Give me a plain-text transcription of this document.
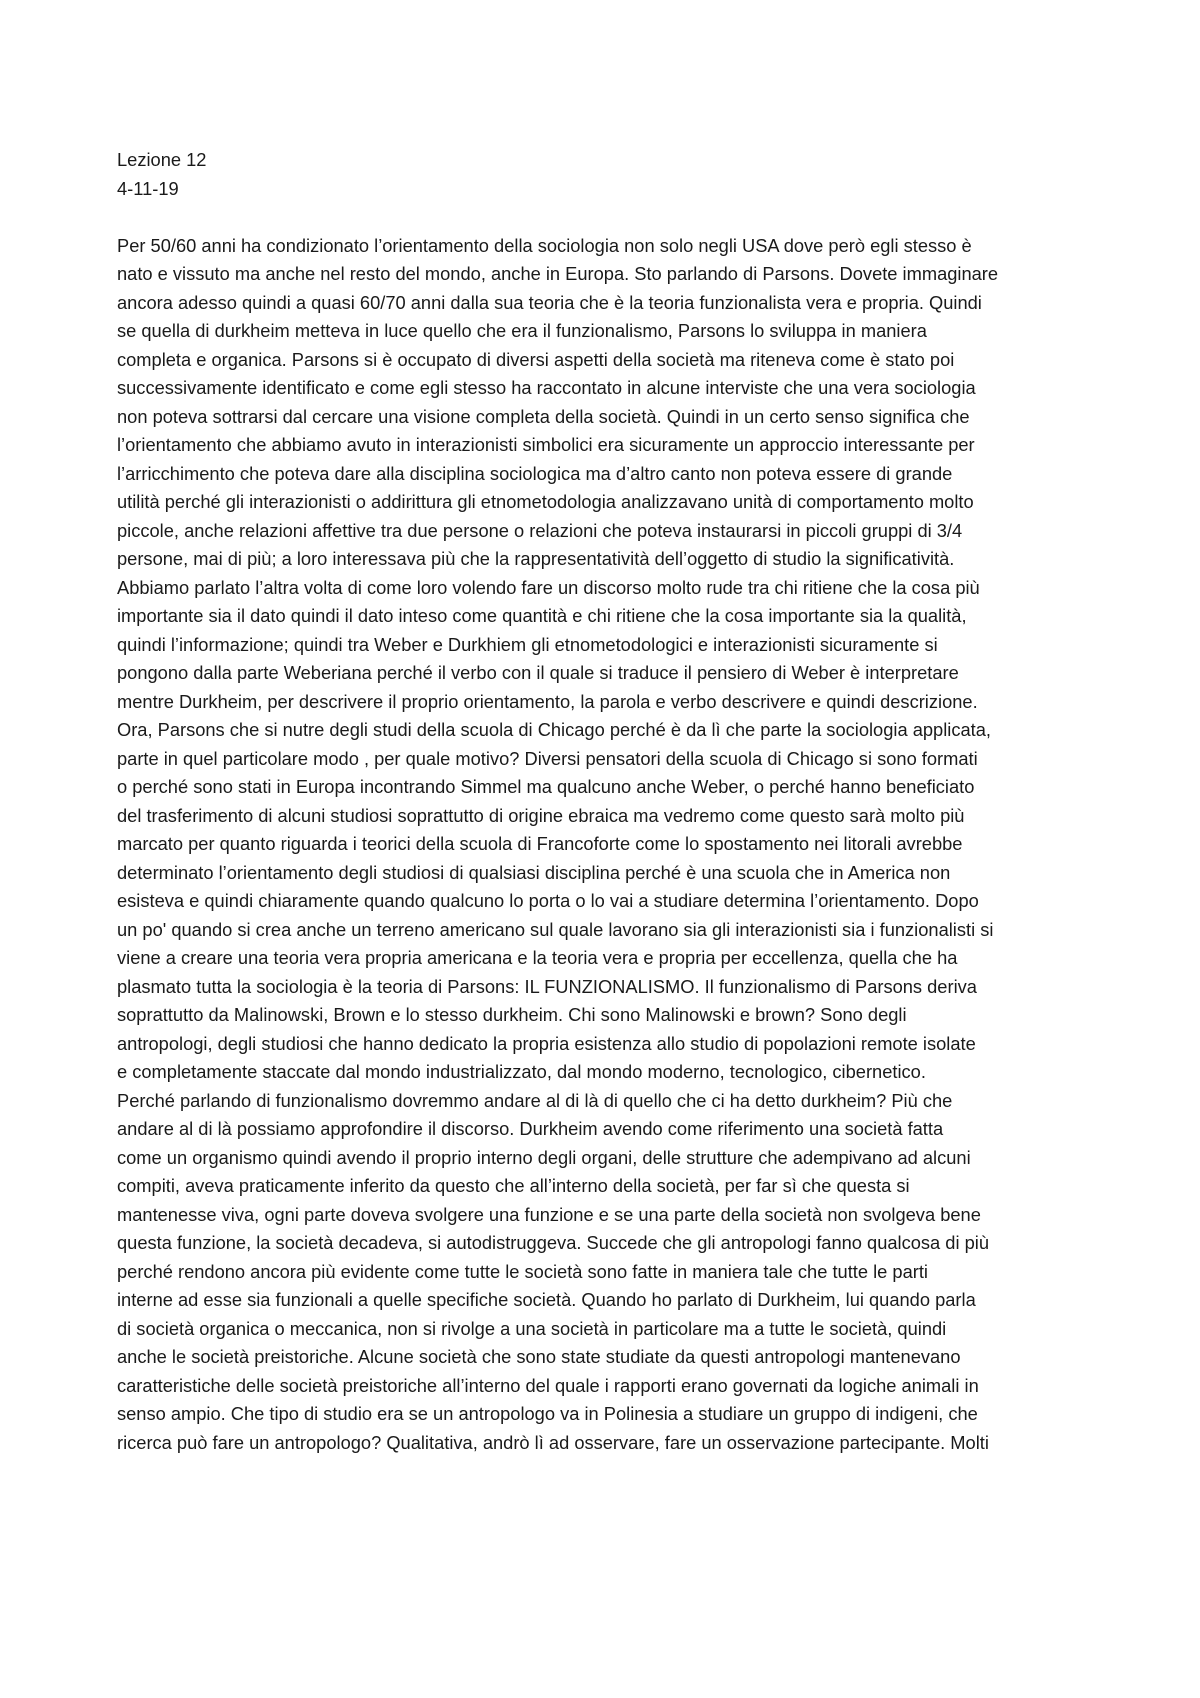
Lezione 12

4-11-19

Per 50/60 anni ha condizionato l’orientamento della sociologia non solo negli USA dove però egli stesso è

nato e vissuto ma anche nel resto del mondo, anche in Europa. Sto parlando di Parsons. Dovete immaginare

ancora adesso quindi a quasi 60/70 anni dalla sua teoria che è la teoria funzionalista vera e propria. Quindi

se quella di durkheim metteva in luce quello che era il funzionalismo, Parsons lo sviluppa in maniera

completa e organica. Parsons si è occupato di diversi aspetti della società ma riteneva come è stato poi

successivamente identificato e come egli stesso ha raccontato in alcune interviste che una vera sociologia

non poteva sottrarsi dal cercare una visione completa della società. Quindi in un certo senso significa che

l’orientamento che abbiamo avuto in interazionisti simbolici era sicuramente un approccio interessante per

l’arricchimento che poteva dare alla disciplina sociologica ma d’altro canto non poteva essere di grande

utilità perché gli interazionisti o addirittura gli etnometodologia analizzavano unità di comportamento molto

piccole, anche relazioni affettive tra due persone o relazioni che poteva instaurarsi in piccoli gruppi di 3/4

persone, mai di più; a loro interessava più che la rappresentatività dell’oggetto di studio la significatività.

Abbiamo parlato l’altra volta di come loro volendo fare un discorso molto rude tra chi ritiene che la cosa più

importante sia il dato quindi il dato inteso come quantità e chi ritiene che la cosa importante sia la qualità,

quindi l’informazione; quindi tra Weber e Durkhiem gli etnometodologici e interazionisti sicuramente si

pongono dalla parte Weberiana perché il verbo con il quale si traduce il pensiero di Weber è interpretare

mentre Durkheim, per descrivere il proprio orientamento, la parola e verbo descrivere e quindi descrizione.

Ora, Parsons che si nutre degli studi della scuola di Chicago perché è da lì che parte la sociologia applicata,

parte in quel particolare modo , per quale motivo? Diversi pensatori della scuola di Chicago si sono formati

o perché sono stati in Europa incontrando Simmel ma qualcuno anche Weber, o perché hanno beneficiato

del trasferimento di alcuni studiosi soprattutto di origine ebraica ma vedremo come questo sarà molto più

marcato per quanto riguarda i teorici della scuola di Francoforte come lo spostamento nei litorali avrebbe

determinato l’orientamento degli studiosi di qualsiasi disciplina perché è una scuola che in America non

esisteva e quindi chiaramente quando qualcuno lo porta o lo vai a studiare determina l’orientamento. Dopo

un po' quando si crea anche un terreno americano sul quale lavorano sia gli interazionisti sia i funzionalisti si

viene a creare una teoria vera propria americana e la teoria vera e propria per eccellenza, quella che ha

plasmato tutta la sociologia è la teoria di Parsons: IL FUNZIONALISMO. Il funzionalismo di Parsons deriva

soprattutto da Malinowski, Brown e lo stesso durkheim. Chi sono Malinowski e brown? Sono degli

antropologi, degli studiosi che hanno dedicato la propria esistenza allo studio di popolazioni remote isolate

e completamente staccate dal mondo industrializzato, dal mondo moderno, tecnologico, cibernetico.

Perché parlando di funzionalismo dovremmo andare al di là di quello che ci ha detto durkheim? Più che

andare al di là possiamo approfondire il discorso. Durkheim avendo come riferimento una società fatta

come un organismo quindi avendo il proprio interno degli organi, delle strutture che adempivano ad alcuni

compiti, aveva praticamente inferito da questo che all’interno della società, per far sì che questa si

mantenesse viva, ogni parte doveva svolgere una funzione e se una parte della società non svolgeva bene

questa funzione, la società decadeva, si autodistruggeva. Succede che gli antropologi fanno qualcosa di più

perché rendono ancora più evidente come tutte le società sono fatte in maniera tale che tutte le parti

interne ad esse sia funzionali a quelle specifiche società. Quando ho parlato di Durkheim, lui quando parla

di società organica o meccanica, non si rivolge a una società in particolare ma a tutte le società, quindi

anche le società preistoriche. Alcune società che sono state studiate da questi antropologi mantenevano

caratteristiche delle società preistoriche all’interno del quale i rapporti erano governati da logiche animali in

senso ampio. Che tipo di studio era se un antropologo va in Polinesia a studiare un gruppo di indigeni, che

ricerca può fare un antropologo? Qualitativa, andrò lì ad osservare, fare un osservazione partecipante. Molti
